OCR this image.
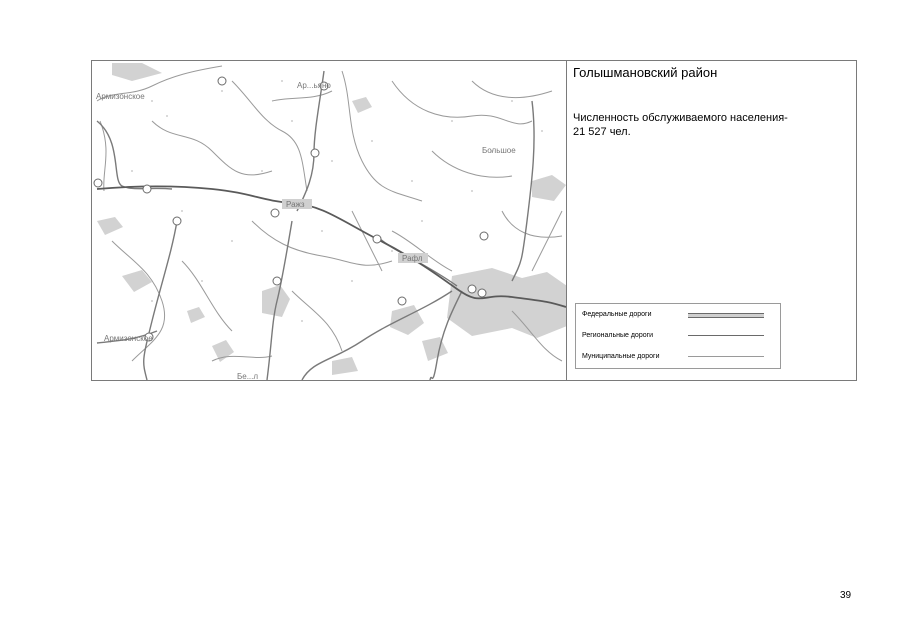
Армизонское
Ар...ьяно
Большое
Ражз
Рафл
Армизонское
Бе...л
Голышмановский район
Численность обслуживаемого населения-
21 527 чел.
Федеральные дороги
Региональные дороги
Муниципальные дороги
39
